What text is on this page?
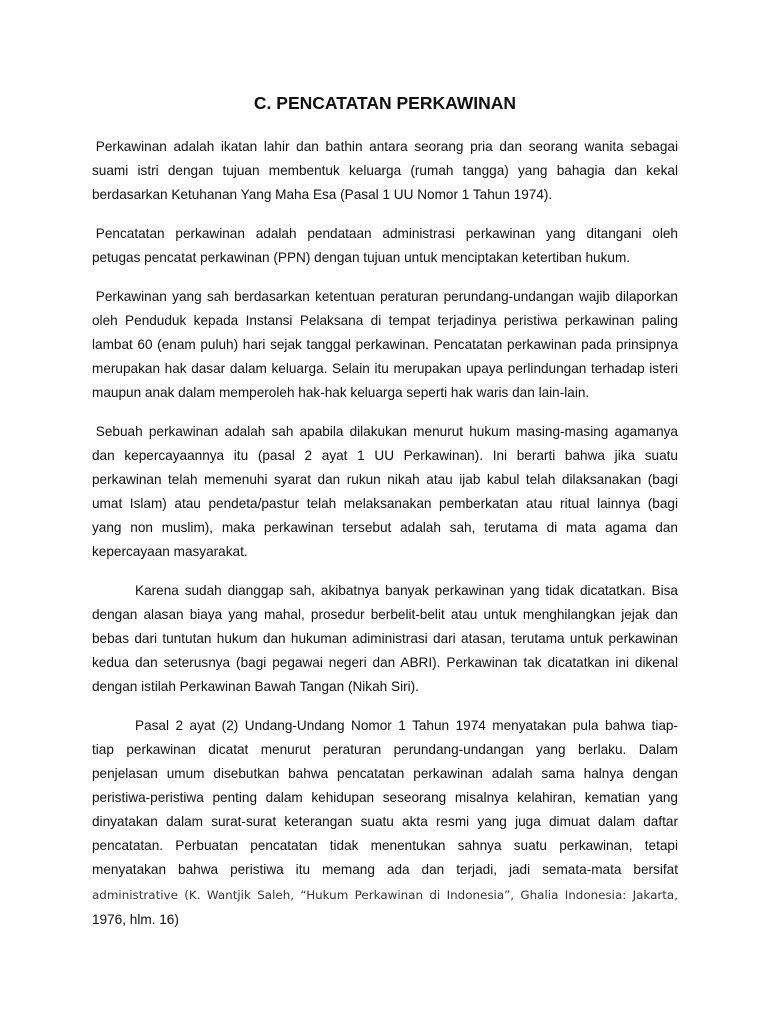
C. PENCATATAN PERKAWINAN
Perkawinan adalah ikatan lahir dan bathin antara seorang pria dan seorang wanita sebagai
suami istri dengan tujuan membentuk keluarga (rumah tangga) yang bahagia dan kekal
berdasarkan Ketuhanan Yang Maha Esa (Pasal 1 UU Nomor 1 Tahun 1974).
Pencatatan perkawinan adalah pendataan administrasi perkawinan yang ditangani oleh
petugas pencatat perkawinan (PPN) dengan tujuan untuk menciptakan ketertiban hukum.
Perkawinan yang sah berdasarkan ketentuan peraturan perundang-undangan wajib dilaporkan
oleh Penduduk kepada Instansi Pelaksana di tempat terjadinya peristiwa perkawinan paling
lambat 60 (enam puluh) hari sejak tanggal perkawinan. Pencatatan perkawinan pada prinsipnya
merupakan hak dasar dalam keluarga. Selain itu merupakan upaya perlindungan terhadap isteri
maupun anak dalam memperoleh hak-hak keluarga seperti hak waris dan lain-lain.
Sebuah perkawinan adalah sah apabila dilakukan menurut hukum masing-masing agamanya
dan kepercayaannya itu (pasal 2 ayat 1 UU Perkawinan). Ini berarti bahwa jika suatu
perkawinan telah memenuhi syarat dan rukun nikah atau ijab kabul telah dilaksanakan (bagi
umat Islam) atau pendeta/pastur telah melaksanakan pemberkatan atau ritual lainnya (bagi
yang non muslim), maka perkawinan tersebut adalah sah, terutama di mata agama dan
kepercayaan masyarakat.
Karena sudah dianggap sah, akibatnya banyak perkawinan yang tidak dicatatkan. Bisa
dengan alasan biaya yang mahal, prosedur berbelit-belit atau untuk menghilangkan jejak dan
bebas dari tuntutan hukum dan hukuman adiministrasi dari atasan, terutama untuk perkawinan
kedua dan seterusnya (bagi pegawai negeri dan ABRI). Perkawinan tak dicatatkan ini dikenal
dengan istilah Perkawinan Bawah Tangan (Nikah Siri).
Pasal 2 ayat (2) Undang-Undang Nomor 1 Tahun 1974 menyatakan pula bahwa tiap-
tiap perkawinan dicatat menurut peraturan perundang-undangan yang berlaku. Dalam
penjelasan umum disebutkan bahwa pencatatan perkawinan adalah sama halnya dengan
peristiwa-peristiwa penting dalam kehidupan seseorang misalnya kelahiran, kematian yang
dinyatakan dalam surat-surat keterangan suatu akta resmi yang juga dimuat dalam daftar
pencatatan. Perbuatan pencatatan tidak menentukan sahnya suatu perkawinan, tetapi
menyatakan bahwa peristiwa itu memang ada dan terjadi, jadi semata-mata bersifat
administrative (K. Wantjik Saleh, “Hukum Perkawinan di Indonesia”, Ghalia Indonesia: Jakarta,
1976, hlm. 16)
